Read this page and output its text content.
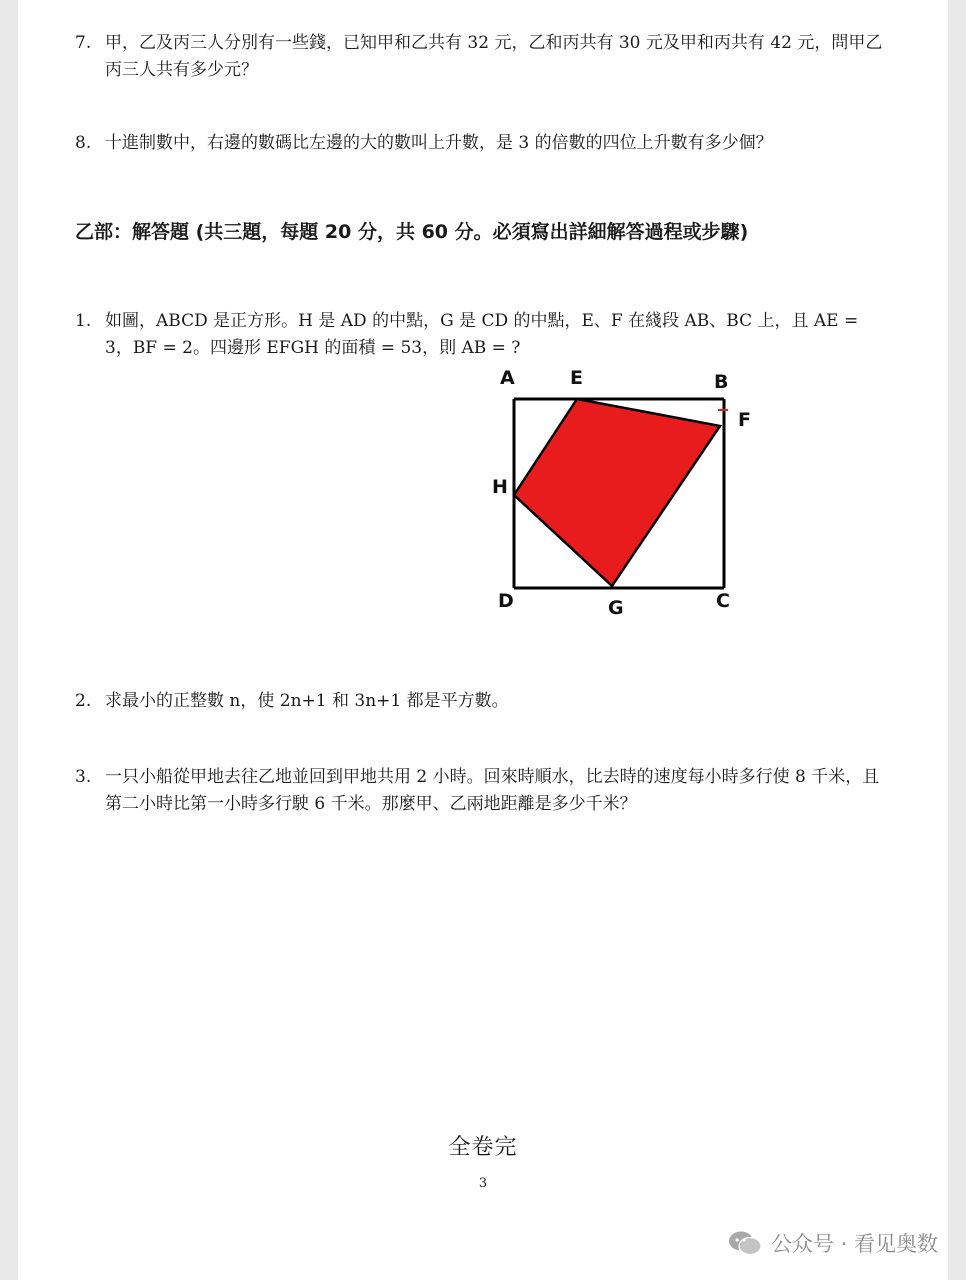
7. 甲，乙及丙三人分別有一些錢，已知甲和乙共有 32 元，乙和丙共有 30 元及甲和丙共有 42 元，問甲乙丙三人共有多少元？
8. 十進制數中，右邊的數碼比左邊的大的數叫上升數，是 3 的倍數的四位上升數有多少個？
乙部：解答題 (共三題，每題 20 分，共 60 分。必須寫出詳細解答過程或步驟)
1. 如圖，ABCD 是正方形。H 是 AD 的中點，G 是 CD 的中點，E、F 在綫段 AB、BC 上，且 AE = 3，BF = 2。四邊形 EFGH 的面積 = 53，則 AB = ?
A	E	B
F
H
D	G	C
2. 求最小的正整數 n，使 2n+1 和 3n+1 都是平方數。
3. 一只小船從甲地去往乙地並回到甲地共用 2 小時。回來時順水，比去時的速度每小時多行使 8 千米，且第二小時比第一小時多行駛 6 千米。那麼甲、乙兩地距離是多少千米？
全卷完
3
公众号 · 看见奥数
